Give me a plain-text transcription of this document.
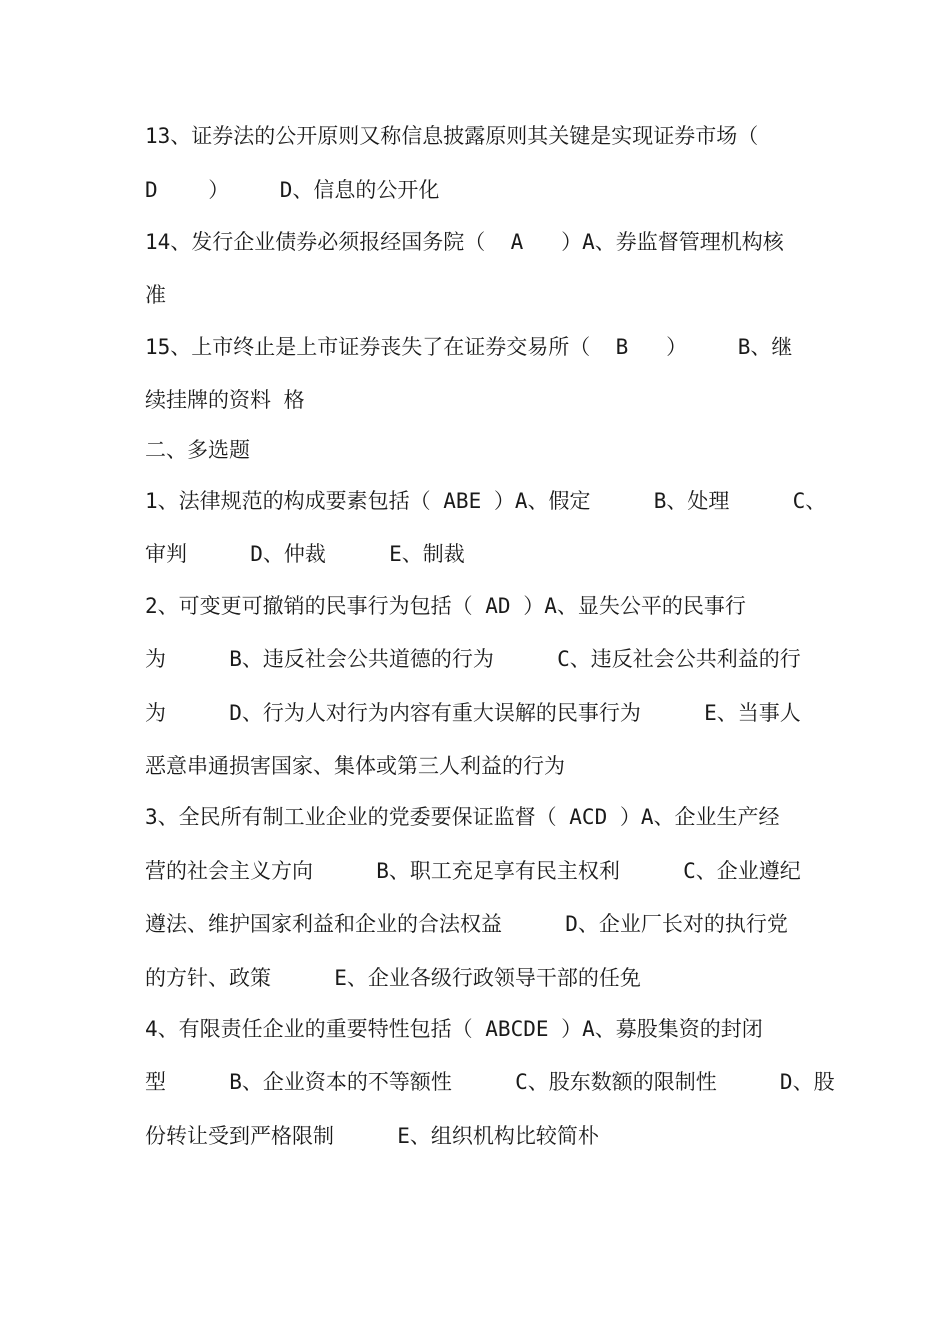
13、证券法的公开原则又称信息披露原则其关键是实现证券市场（
D    ）    D、信息的公开化
14、发行企业债券必须报经国务院（  A   ）A、券监督管理机构核
准
15、上市终止是上市证券丧失了在证券交易所（  B   ）    B、继
续挂牌的资料 格
二、多选题
1、法律规范的构成要素包括（ ABE ）A、假定     B、处理     C、
审判     D、仲裁     E、制裁
2、可变更可撤销的民事行为包括（ AD ）A、显失公平的民事行
为     B、违反社会公共道德的行为     C、违反社会公共利益的行
为     D、行为人对行为内容有重大误解的民事行为     E、当事人
恶意串通损害国家、集体或第三人利益的行为
3、全民所有制工业企业的党委要保证监督（ ACD ）A、企业生产经
营的社会主义方向     B、职工充足享有民主权利     C、企业遵纪
遵法、维护国家利益和企业的合法权益     D、企业厂长对的执行党
的方针、政策     E、企业各级行政领导干部的任免
4、有限责任企业的重要特性包括（ ABCDE ）A、募股集资的封闭
型     B、企业资本的不等额性     C、股东数额的限制性     D、股
份转让受到严格限制     E、组织机构比较简朴
